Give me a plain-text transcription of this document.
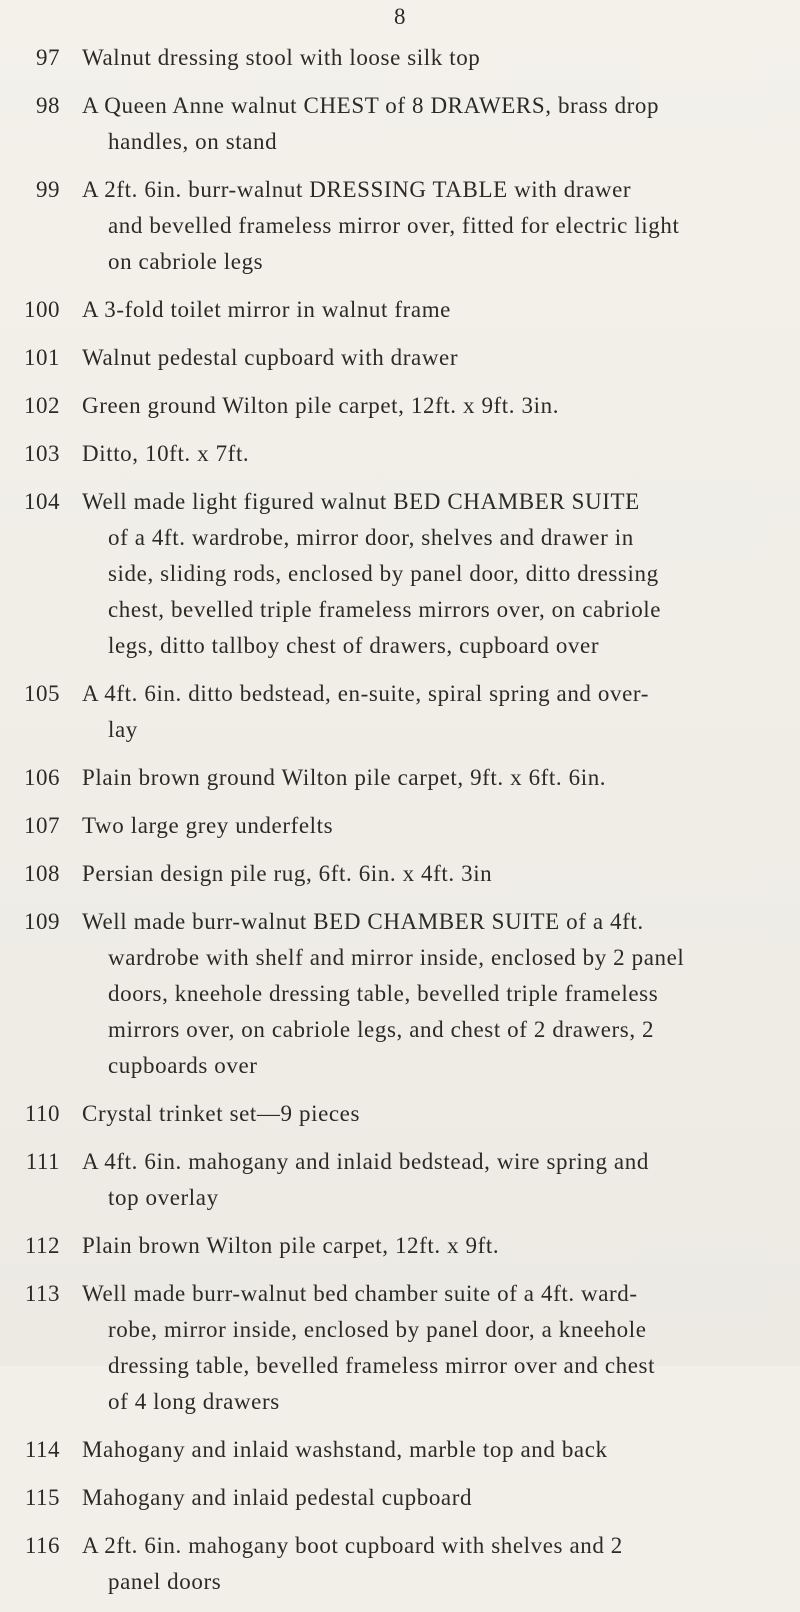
8
97 Walnut dressing stool with loose silk top
98 A Queen Anne walnut CHEST of 8 DRAWERS, brass drop
handles, on stand
99 A 2ft. 6in. burr-walnut DRESSING TABLE with drawer
and bevelled frameless mirror over, fitted for electric light
on cabriole legs
100 A 3-fold toilet mirror in walnut frame
101 Walnut pedestal cupboard with drawer
102 Green ground Wilton pile carpet, 12ft. x 9ft. 3in.
103 Ditto, 10ft. x 7ft.
104 Well made light figured walnut BED CHAMBER SUITE
of a 4ft. wardrobe, mirror door, shelves and drawer in
side, sliding rods, enclosed by panel door, ditto dressing
chest, bevelled triple frameless mirrors over, on cabriole
legs, ditto tallboy chest of drawers, cupboard over
105 A 4ft. 6in. ditto bedstead, en-suite, spiral spring and over-
lay
106 Plain brown ground Wilton pile carpet, 9ft. x 6ft. 6in.
107 Two large grey underfelts
108 Persian design pile rug, 6ft. 6in. x 4ft. 3in
109 Well made burr-walnut BED CHAMBER SUITE of a 4ft.
wardrobe with shelf and mirror inside, enclosed by 2 panel
doors, kneehole dressing table, bevelled triple frameless
mirrors over, on cabriole legs, and chest of 2 drawers, 2
cupboards over
110 Crystal trinket set—9 pieces
111 A 4ft. 6in. mahogany and inlaid bedstead, wire spring and
top overlay
112 Plain brown Wilton pile carpet, 12ft. x 9ft.
113 Well made burr-walnut bed chamber suite of a 4ft. ward-
robe, mirror inside, enclosed by panel door, a kneehole
dressing table, bevelled frameless mirror over and chest
of 4 long drawers
114 Mahogany and inlaid washstand, marble top and back
115 Mahogany and inlaid pedestal cupboard
116 A 2ft. 6in. mahogany boot cupboard with shelves and 2
panel doors
